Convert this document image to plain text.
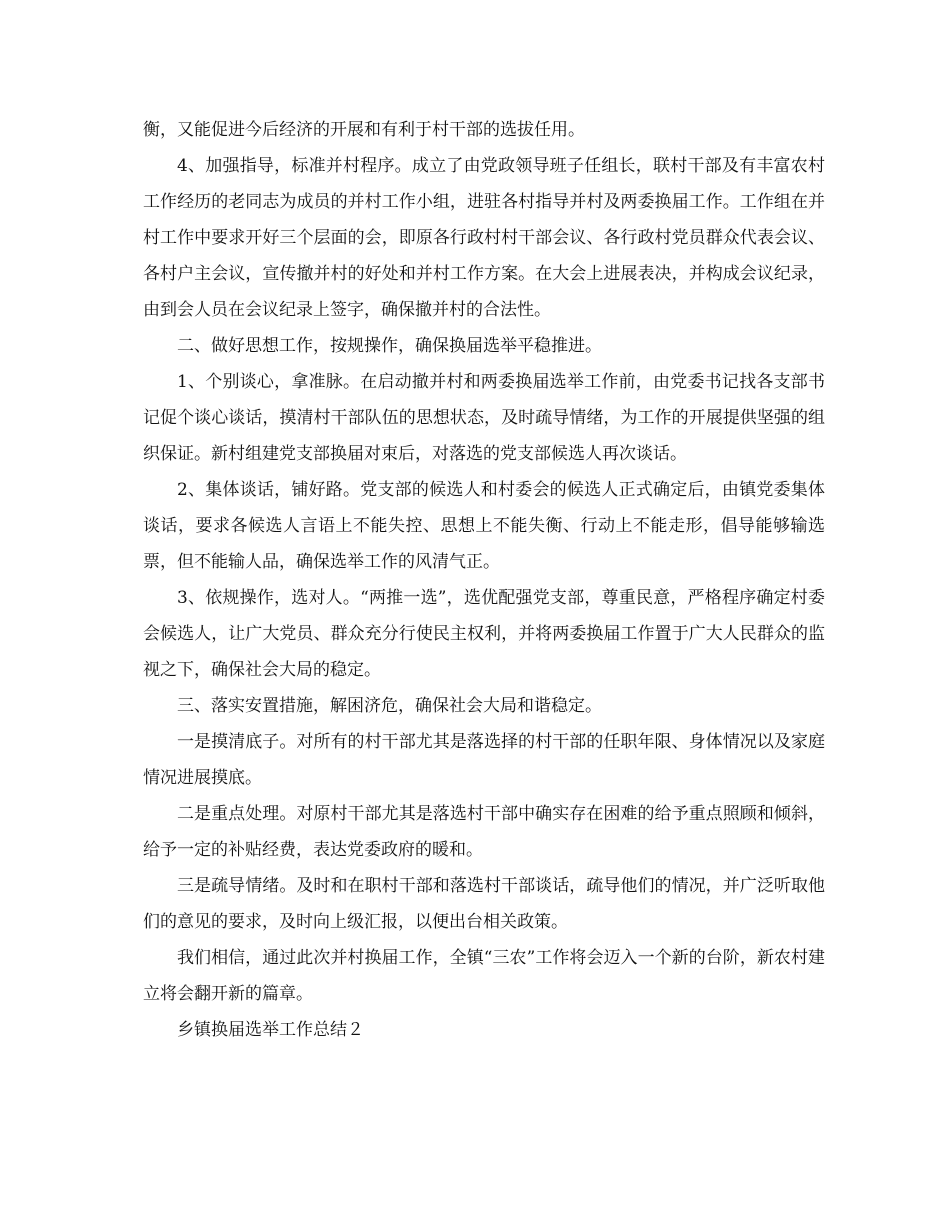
衡，又能促进今后经济的开展和有利于村干部的选拔任用。

4、加强指导，标准并村程序。成立了由党政领导班子任组长，联村干部及有丰富农村工作经历的老同志为成员的并村工作小组，进驻各村指导并村及两委换届工作。工作组在并村工作中要求开好三个层面的会，即原各行政村村干部会议、各行政村党员群众代表会议、各村户主会议，宣传撤并村的好处和并村工作方案。在大会上进展表决，并构成会议纪录，由到会人员在会议纪录上签字，确保撤并村的合法性。

二、做好思想工作，按规操作，确保换届选举平稳推进。

1、个别谈心，拿准脉。在启动撤并村和两委换届选举工作前，由党委书记找各支部书记促个谈心谈话，摸清村干部队伍的思想状态，及时疏导情绪，为工作的开展提供坚强的组织保证。新村组建党支部换届对束后，对落选的党支部候选人再次谈话。

2、集体谈话，铺好路。党支部的候选人和村委会的候选人正式确定后，由镇党委集体谈话，要求各候选人言语上不能失控、思想上不能失衡、行动上不能走形，倡导能够输选票，但不能输人品，确保选举工作的风清气正。

3、依规操作，选对人。“两推一选”，选优配强党支部，尊重民意，严格程序确定村委会候选人，让广大党员、群众充分行使民主权利，并将两委换届工作置于广大人民群众的监视之下，确保社会大局的稳定。

三、落实安置措施，解困济危，确保社会大局和谐稳定。

一是摸清底子。对所有的村干部尤其是落选择的村干部的任职年限、身体情况以及家庭情况进展摸底。

二是重点处理。对原村干部尤其是落选村干部中确实存在困难的给予重点照顾和倾斜，给予一定的补贴经费，表达党委政府的暖和。

三是疏导情绪。及时和在职村干部和落选村干部谈话，疏导他们的情况，并广泛听取他们的意见的要求，及时向上级汇报，以便出台相关政策。

我们相信，通过此次并村换届工作，全镇“三农”工作将会迈入一个新的台阶，新农村建立将会翻开新的篇章。

乡镇换届选举工作总结２
